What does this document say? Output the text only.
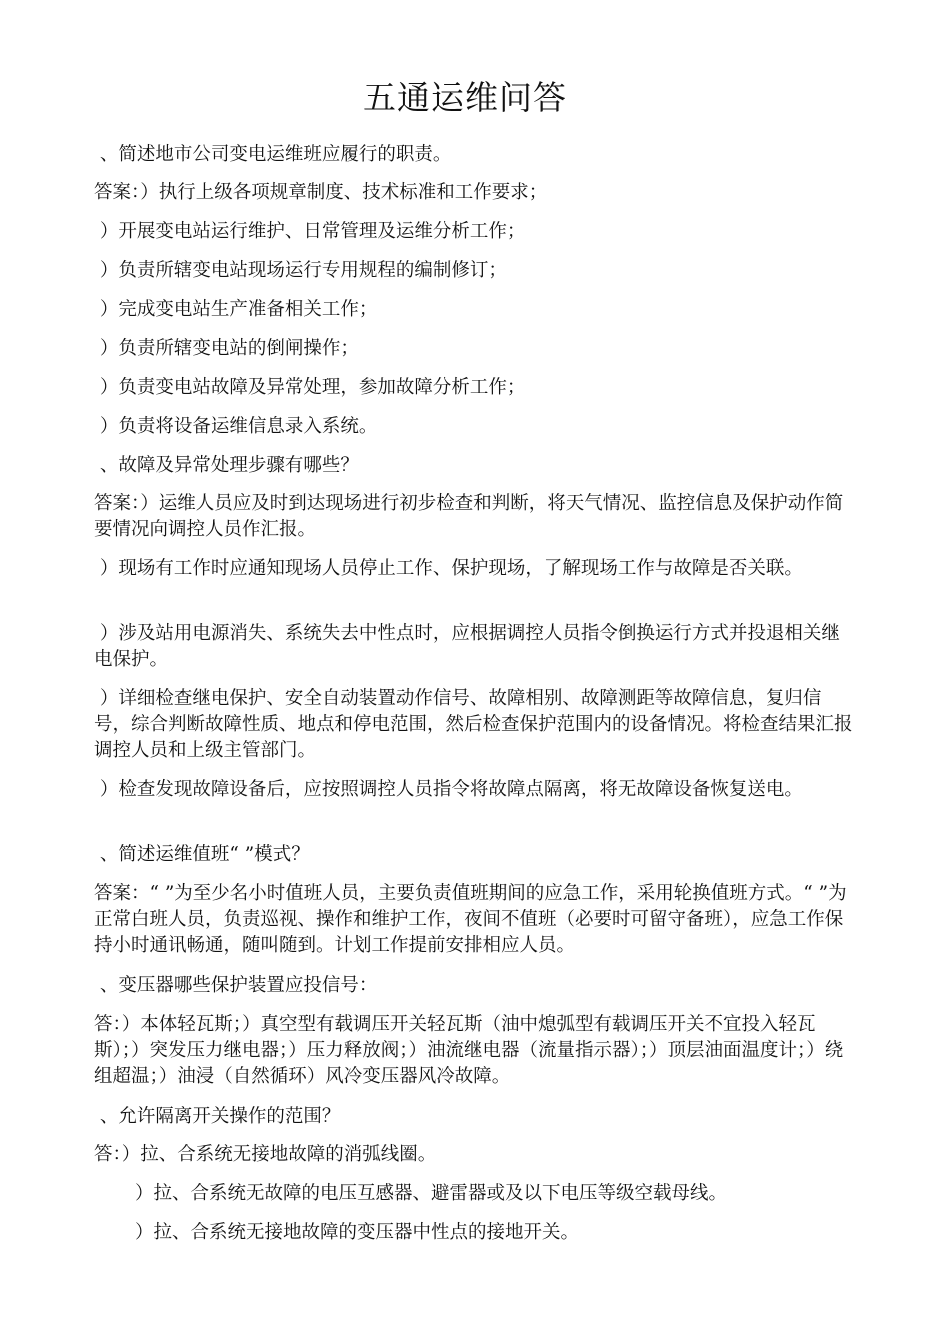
五通运维问答

、简述地市公司变电运维班应履行的职责。

答案：）执行上级各项规章制度、技术标准和工作要求；

）开展变电站运行维护、日常管理及运维分析工作；

）负责所辖变电站现场运行专用规程的编制修订；

）完成变电站生产准备相关工作；

）负责所辖变电站的倒闸操作；

）负责变电站故障及异常处理，参加故障分析工作；

）负责将设备运维信息录入系统。

、故障及异常处理步骤有哪些？

答案：）运维人员应及时到达现场进行初步检查和判断，将天气情况、监控信息及保护动作简要情况向调控人员作汇报。

）现场有工作时应通知现场人员停止工作、保护现场，了解现场工作与故障是否关联。

）涉及站用电源消失、系统失去中性点时，应根据调控人员指令倒换运行方式并投退相关继电保护。

）详细检查继电保护、安全自动装置动作信号、故障相别、故障测距等故障信息，复归信号，综合判断故障性质、地点和停电范围，然后检查保护范围内的设备情况。将检查结果汇报调控人员和上级主管部门。

）检查发现故障设备后，应按照调控人员指令将故障点隔离，将无故障设备恢复送电。

、简述运维值班“ ”模式？

答案：“ ”为至少名小时值班人员，主要负责值班期间的应急工作，采用轮换值班方式。“ ”为正常白班人员，负责巡视、操作和维护工作，夜间不值班（必要时可留守备班），应急工作保持小时通讯畅通，随叫随到。计划工作提前安排相应人员。

、变压器哪些保护装置应投信号：

答：）本体轻瓦斯；）真空型有载调压开关轻瓦斯（油中熄弧型有载调压开关不宜投入轻瓦斯）；）突发压力继电器；）压力释放阀；）油流继电器（流量指示器）；）顶层油面温度计；）绕组超温；）油浸（自然循环）风冷变压器风冷故障。

、允许隔离开关操作的范围？

答：）拉、合系统无接地故障的消弧线圈。

）拉、合系统无故障的电压互感器、避雷器或及以下电压等级空载母线。

）拉、合系统无接地故障的变压器中性点的接地开关。
